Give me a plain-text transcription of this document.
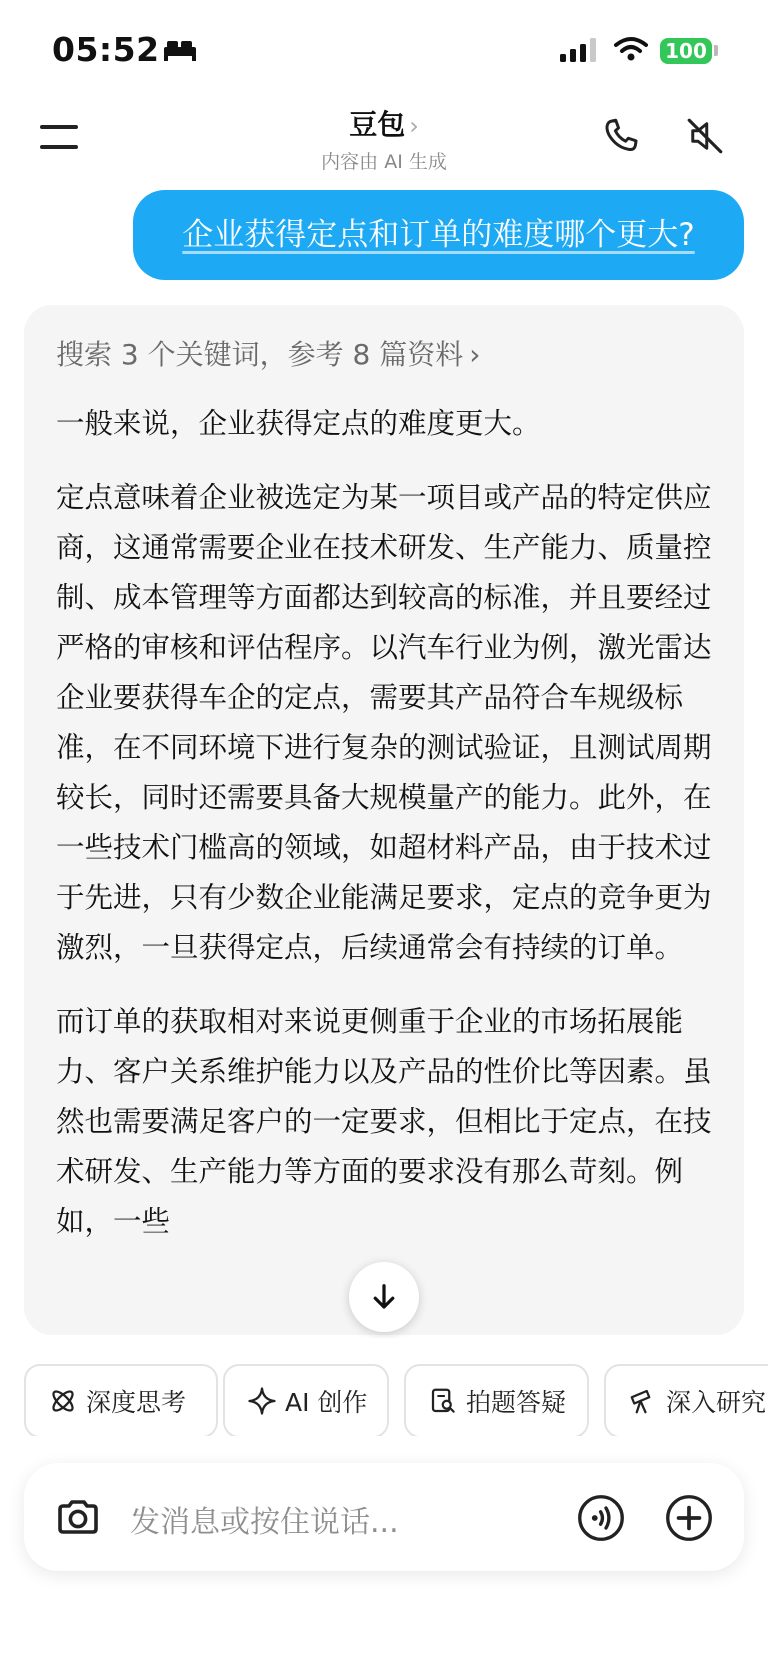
05:52	100
豆包 ›
内容由 AI 生成
企业获得定点和订单的难度哪个更大?
搜索 3 个关键词，参考 8 篇资料 ›

一般来说，企业获得定点的难度更大。

定点意味着企业被选定为某一项目或产品的特定供应商，这通常需要企业在技术研发、生产能力、质量控制、成本管理等方面都达到较高的标准，并且要经过严格的审核和评估程序。以汽车行业为例，激光雷达企业要获得车企的定点，需要其产品符合车规级标准，在不同环境下进行复杂的测试验证，且测试周期较长，同时还需要具备大规模量产的能力。此外，在一些技术门槛高的领域，如超材料产品，由于技术过于先进，只有少数企业能满足要求，定点的竞争更为激烈，一旦获得定点，后续通常会有持续的订单。

而订单的获取相对来说更侧重于企业的市场拓展能力、客户关系维护能力以及产品的性价比等因素。虽然也需要满足客户的一定要求，但相比于定点，在技术研发、生产能力等方面的要求没有那么苛刻。例如，一些

深度思考	AI 创作	拍题答疑	深入研究
发消息或按住说话...
